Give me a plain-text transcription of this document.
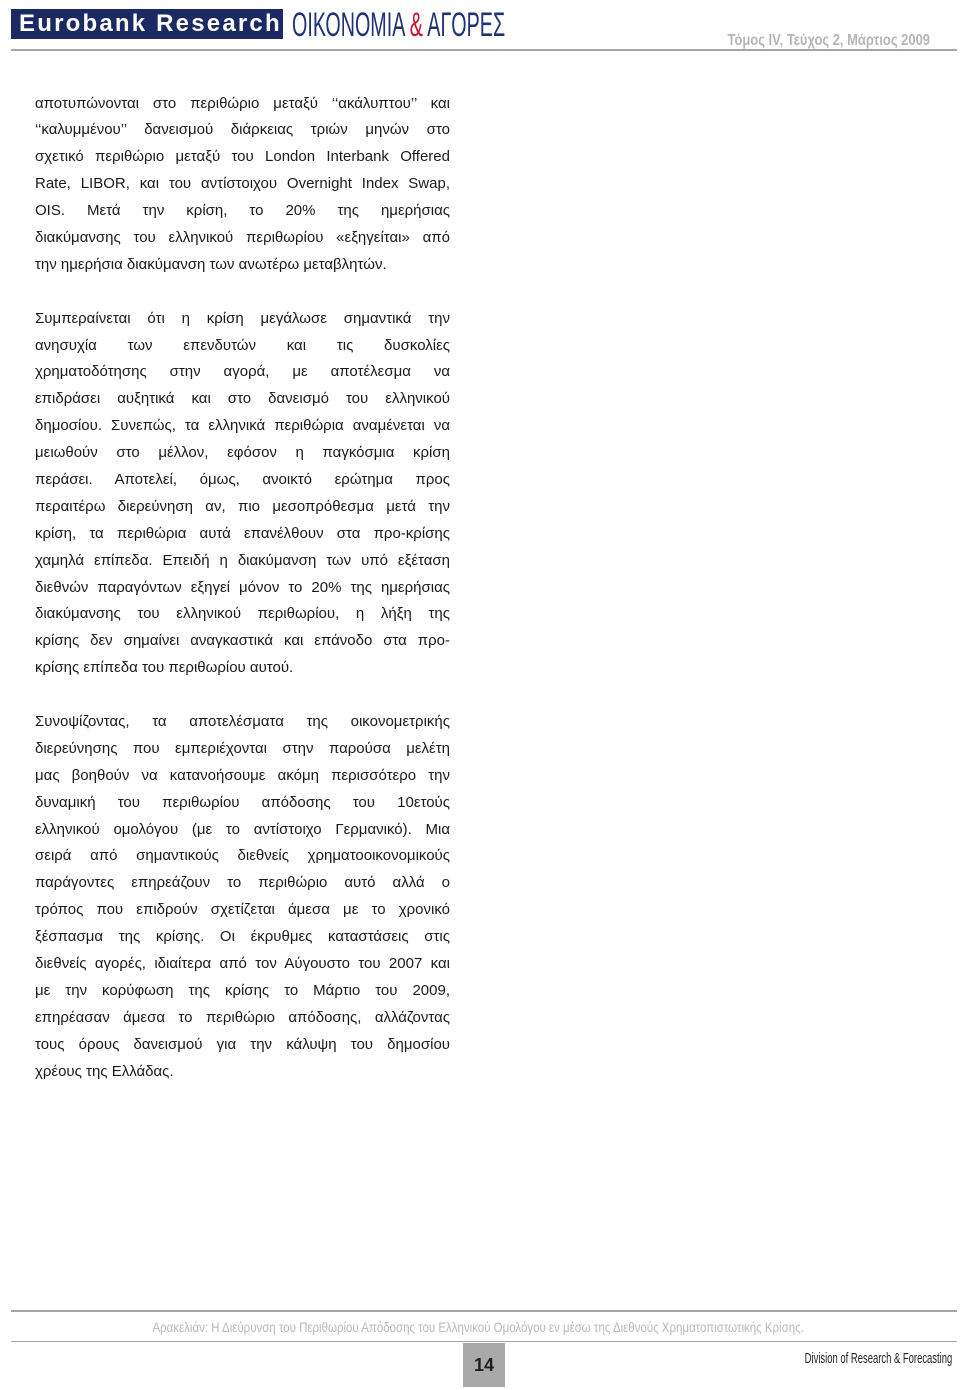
Eurobank Research ΟΙΚΟΝΟΜΙΑ & ΑΓΟΡΕΣ	Τόμος IV, Τεύχος 2, Μάρτιος 2009
αποτυπώνονται στο περιθώριο μεταξύ ‘‘ακάλυπτου’’ και
‘‘καλυμμένου’’ δανεισμού διάρκειας τριών μηνών στο
σχετικό περιθώριο μεταξύ του London Interbank Offered
Rate, LIBOR, και του αντίστοιχου Overnight Index Swap,
OIS. Μετά την κρίση, το 20% της ημερήσιας
διακύμανσης του ελληνικού περιθωρίου «εξηγείται» από
την ημερήσια διακύμανση των ανωτέρω μεταβλητών.
Συμπεραίνεται ότι η κρίση μεγάλωσε σημαντικά την
ανησυχία των επενδυτών και τις δυσκολίες
χρηματοδότησης στην αγορά, με αποτέλεσμα να
επιδράσει αυξητικά και στο δανεισμό του ελληνικού
δημοσίου. Συνεπώς, τα ελληνικά περιθώρια αναμένεται να
μειωθούν στο μέλλον, εφόσον η παγκόσμια κρίση
περάσει. Αποτελεί, όμως, ανοικτό ερώτημα προς
περαιτέρω διερεύνηση αν, πιο μεσοπρόθεσμα μετά την
κρίση, τα περιθώρια αυτά επανέλθουν στα προ-κρίσης
χαμηλά επίπεδα. Επειδή η διακύμανση των υπό εξέταση
διεθνών παραγόντων εξηγεί μόνον το 20% της ημερήσιας
διακύμανσης του ελληνικού περιθωρίου, η λήξη της
κρίσης δεν σημαίνει αναγκαστικά και επάνοδο στα προ-
κρίσης επίπεδα του περιθωρίου αυτού.
Συνοψίζοντας, τα αποτελέσματα της οικονομετρικής
διερεύνησης που εμπεριέχονται στην παρούσα μελέτη
μας βοηθούν να κατανοήσουμε ακόμη περισσότερο την
δυναμική του περιθωρίου απόδοσης του 10ετούς
ελληνικού ομολόγου (με το αντίστοιχο Γερμανικό). Μια
σειρά από σημαντικούς διεθνείς χρηματοοικονομικούς
παράγοντες επηρεάζουν το περιθώριο αυτό αλλά ο
τρόπος που επιδρούν σχετίζεται άμεσα με το χρονικό
ξέσπασμα της κρίσης. Οι έκρυθμες καταστάσεις στις
διεθνείς αγορές, ιδιαίτερα από τον Αύγουστο του 2007 και
με την κορύφωση της κρίσης το Μάρτιο του 2009,
επηρέασαν άμεσα το περιθώριο απόδοσης, αλλάζοντας
τους όρους δανεισμού για την κάλυψη του δημοσίου
χρέους της Ελλάδας.
Αρακελιάν: Η Διεύρυνση του Περιθωρίου Απόδοσης του Ελληνικού Ομολόγου εν μέσω της Διεθνούς Χρηματοπιστωτικής Κρίσης.
14	Division of Research & Forecasting
